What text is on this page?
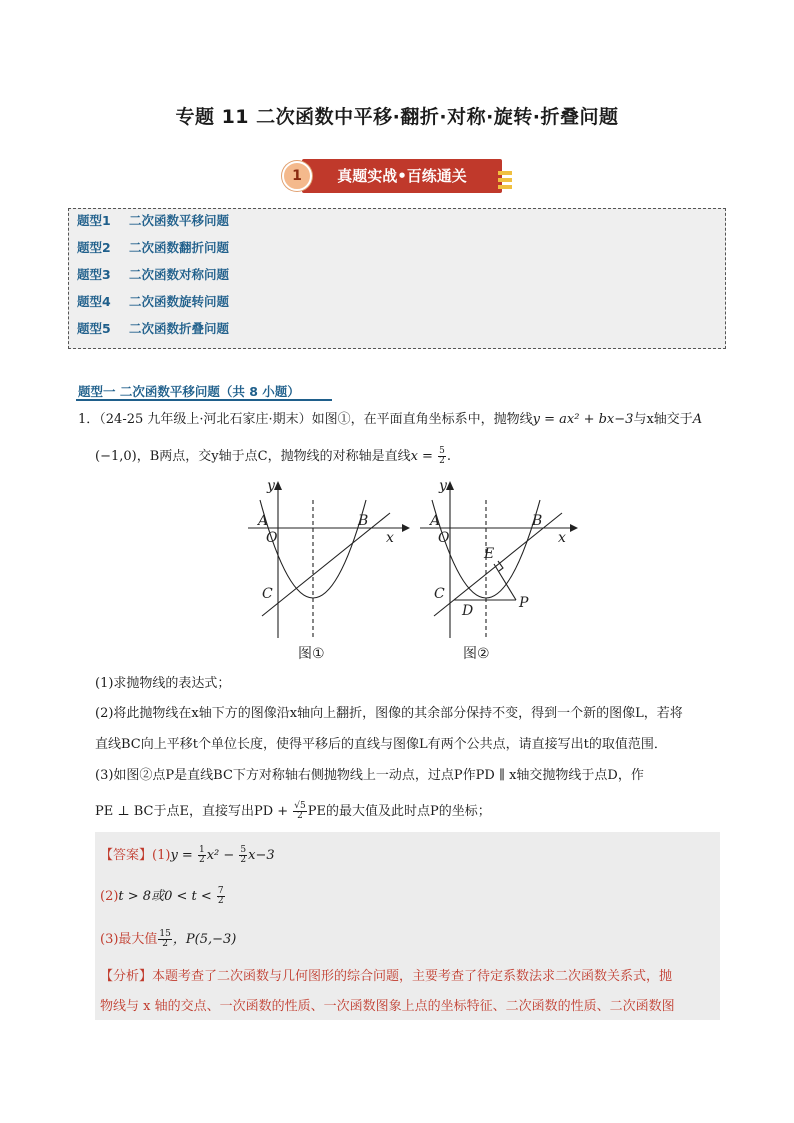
专题 11 二次函数中平移·翻折·对称·旋转·折叠问题
真题实战•百练通关
1
题型1 二次函数平移问题
题型2 二次函数翻折问题
题型3 二次函数对称问题
题型4 二次函数旋转问题
题型5 二次函数折叠问题
题型一 二次函数平移问题（共 8 小题）
1．（24-25 九年级上·河北石家庄·期末）如图①，在平面直角坐标系中，抛物线y = ax² + bx−3与x轴交于A
(−1,0)，B两点，交y轴于点C，抛物线的对称轴是直线$x = \frac{5}{2}$ .
y
x
A
O
B
C
图①
y
x
A
O
B
C
D
E
P
图②
(1)求抛物线的表达式；
(2)将此抛物线在x轴下方的图像沿x轴向上翻折，图像的其余部分保持不变，得到一个新的图像L，若将
直线BC向上平移t个单位长度，使得平移后的直线与图像L有两个公共点，请直接写出t的取值范围．
(3)如图②点P是直线BC下方对称轴右侧抛物线上一动点，过点P作PD ∥ x轴交抛物线于点D，作
PE ⊥ BC于点E，直接写出PD + $\frac{√5}{2}$ PE的最大值及此时点P的坐标；
【答案】$(1)y = \frac{1}{2} x^2 - \frac{5}{2} x-3$
(2)t > 8或$0 < t < \frac{7}{2}$
(3)最大值 $\frac{15}{2}$ ，P(5,−3)
【分析】本题考查了二次函数与几何图形的综合问题，主要考查了待定系数法求二次函数关系式，抛
物线与 x 轴的交点、一次函数的性质、一次函数图象上点的坐标特征、二次函数的性质、二次函数图
